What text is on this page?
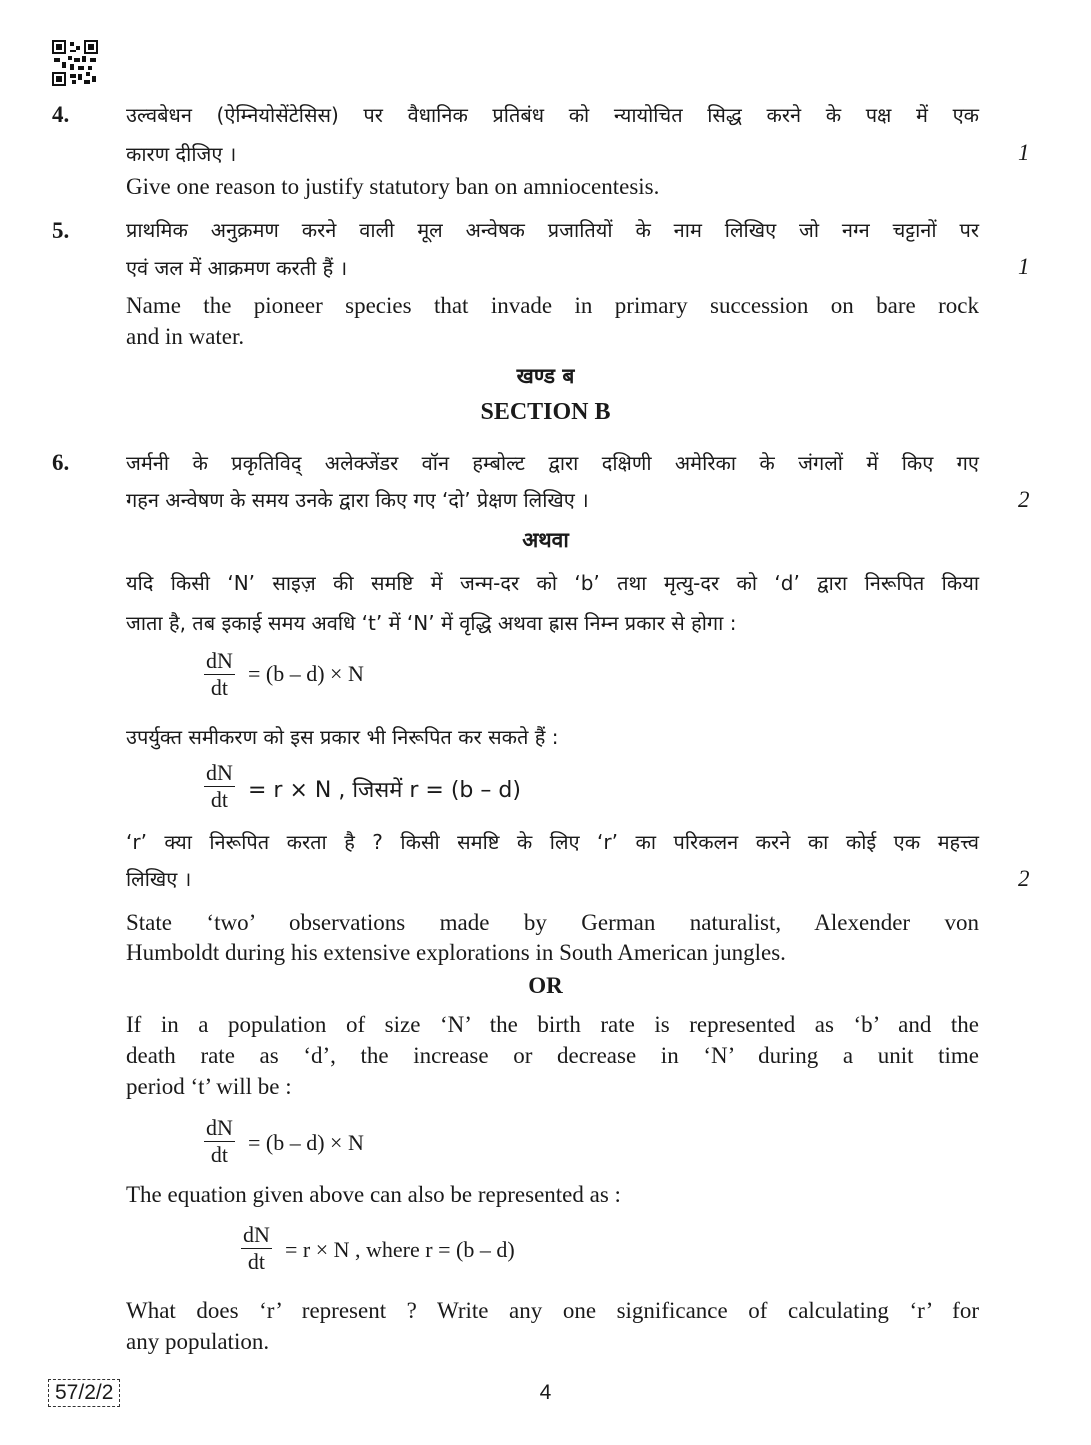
4.	उल्वबेधन (ऐम्नियोसेंटेसिस) पर वैधानिक प्रतिबंध को न्यायोचित सिद्ध करने के पक्ष में एक
कारण दीजिए ।	1
Give one reason to justify statutory ban on amniocentesis.
5.	प्राथमिक अनुक्रमण करने वाली मूल अन्वेषक प्रजातियों के नाम लिखिए जो नग्न चट्टानों पर
एवं जल में आक्रमण करती हैं ।	1
Name the pioneer species that invade in primary succession on bare rock
and in water.
खण्ड ब
SECTION B
6.	जर्मनी के प्रकृतिविद् अलेक्जेंडर वॉन हम्बोल्ट द्वारा दक्षिणी अमेरिका के जंगलों में किए गए
गहन अन्वेषण के समय उनके द्वारा किए गए ‘दो’ प्रेक्षण लिखिए ।	2
अथवा
यदि किसी ‘N’ साइज़ की समष्टि में जन्म-दर को ‘b’ तथा मृत्यु-दर को ‘d’ द्वारा निरूपित किया
जाता है, तब इकाई समय अवधि ‘t’ में ‘N’ में वृद्धि अथवा ह्रास निम्न प्रकार से होगा :
$\frac{dN}{dt} = (b - d) \times N$
उपर्युक्त समीकरण को इस प्रकार भी निरूपित कर सकते हैं :
$\frac{dN}{dt} = r \times N$ , जिसमें r = (b – d)
‘r’ क्या निरूपित करता है ? किसी समष्टि के लिए ‘r’ का परिकलन करने का कोई एक महत्त्व
लिखिए ।	2
State ‘two’ observations made by German naturalist, Alexender von
Humboldt during his extensive explorations in South American jungles.
OR
If in a population of size ‘N’ the birth rate is represented as ‘b’ and the
death rate as ‘d’, the increase or decrease in ‘N’ during a unit time
period ‘t’ will be :
$\frac{dN}{dt} = (b - d) \times N$
The equation given above can also be represented as :
$\frac{dN}{dt} = r \times N$ , where r = (b – d)
What does ‘r’ represent ? Write any one significance of calculating ‘r’ for
any population.
4
57/2/2
